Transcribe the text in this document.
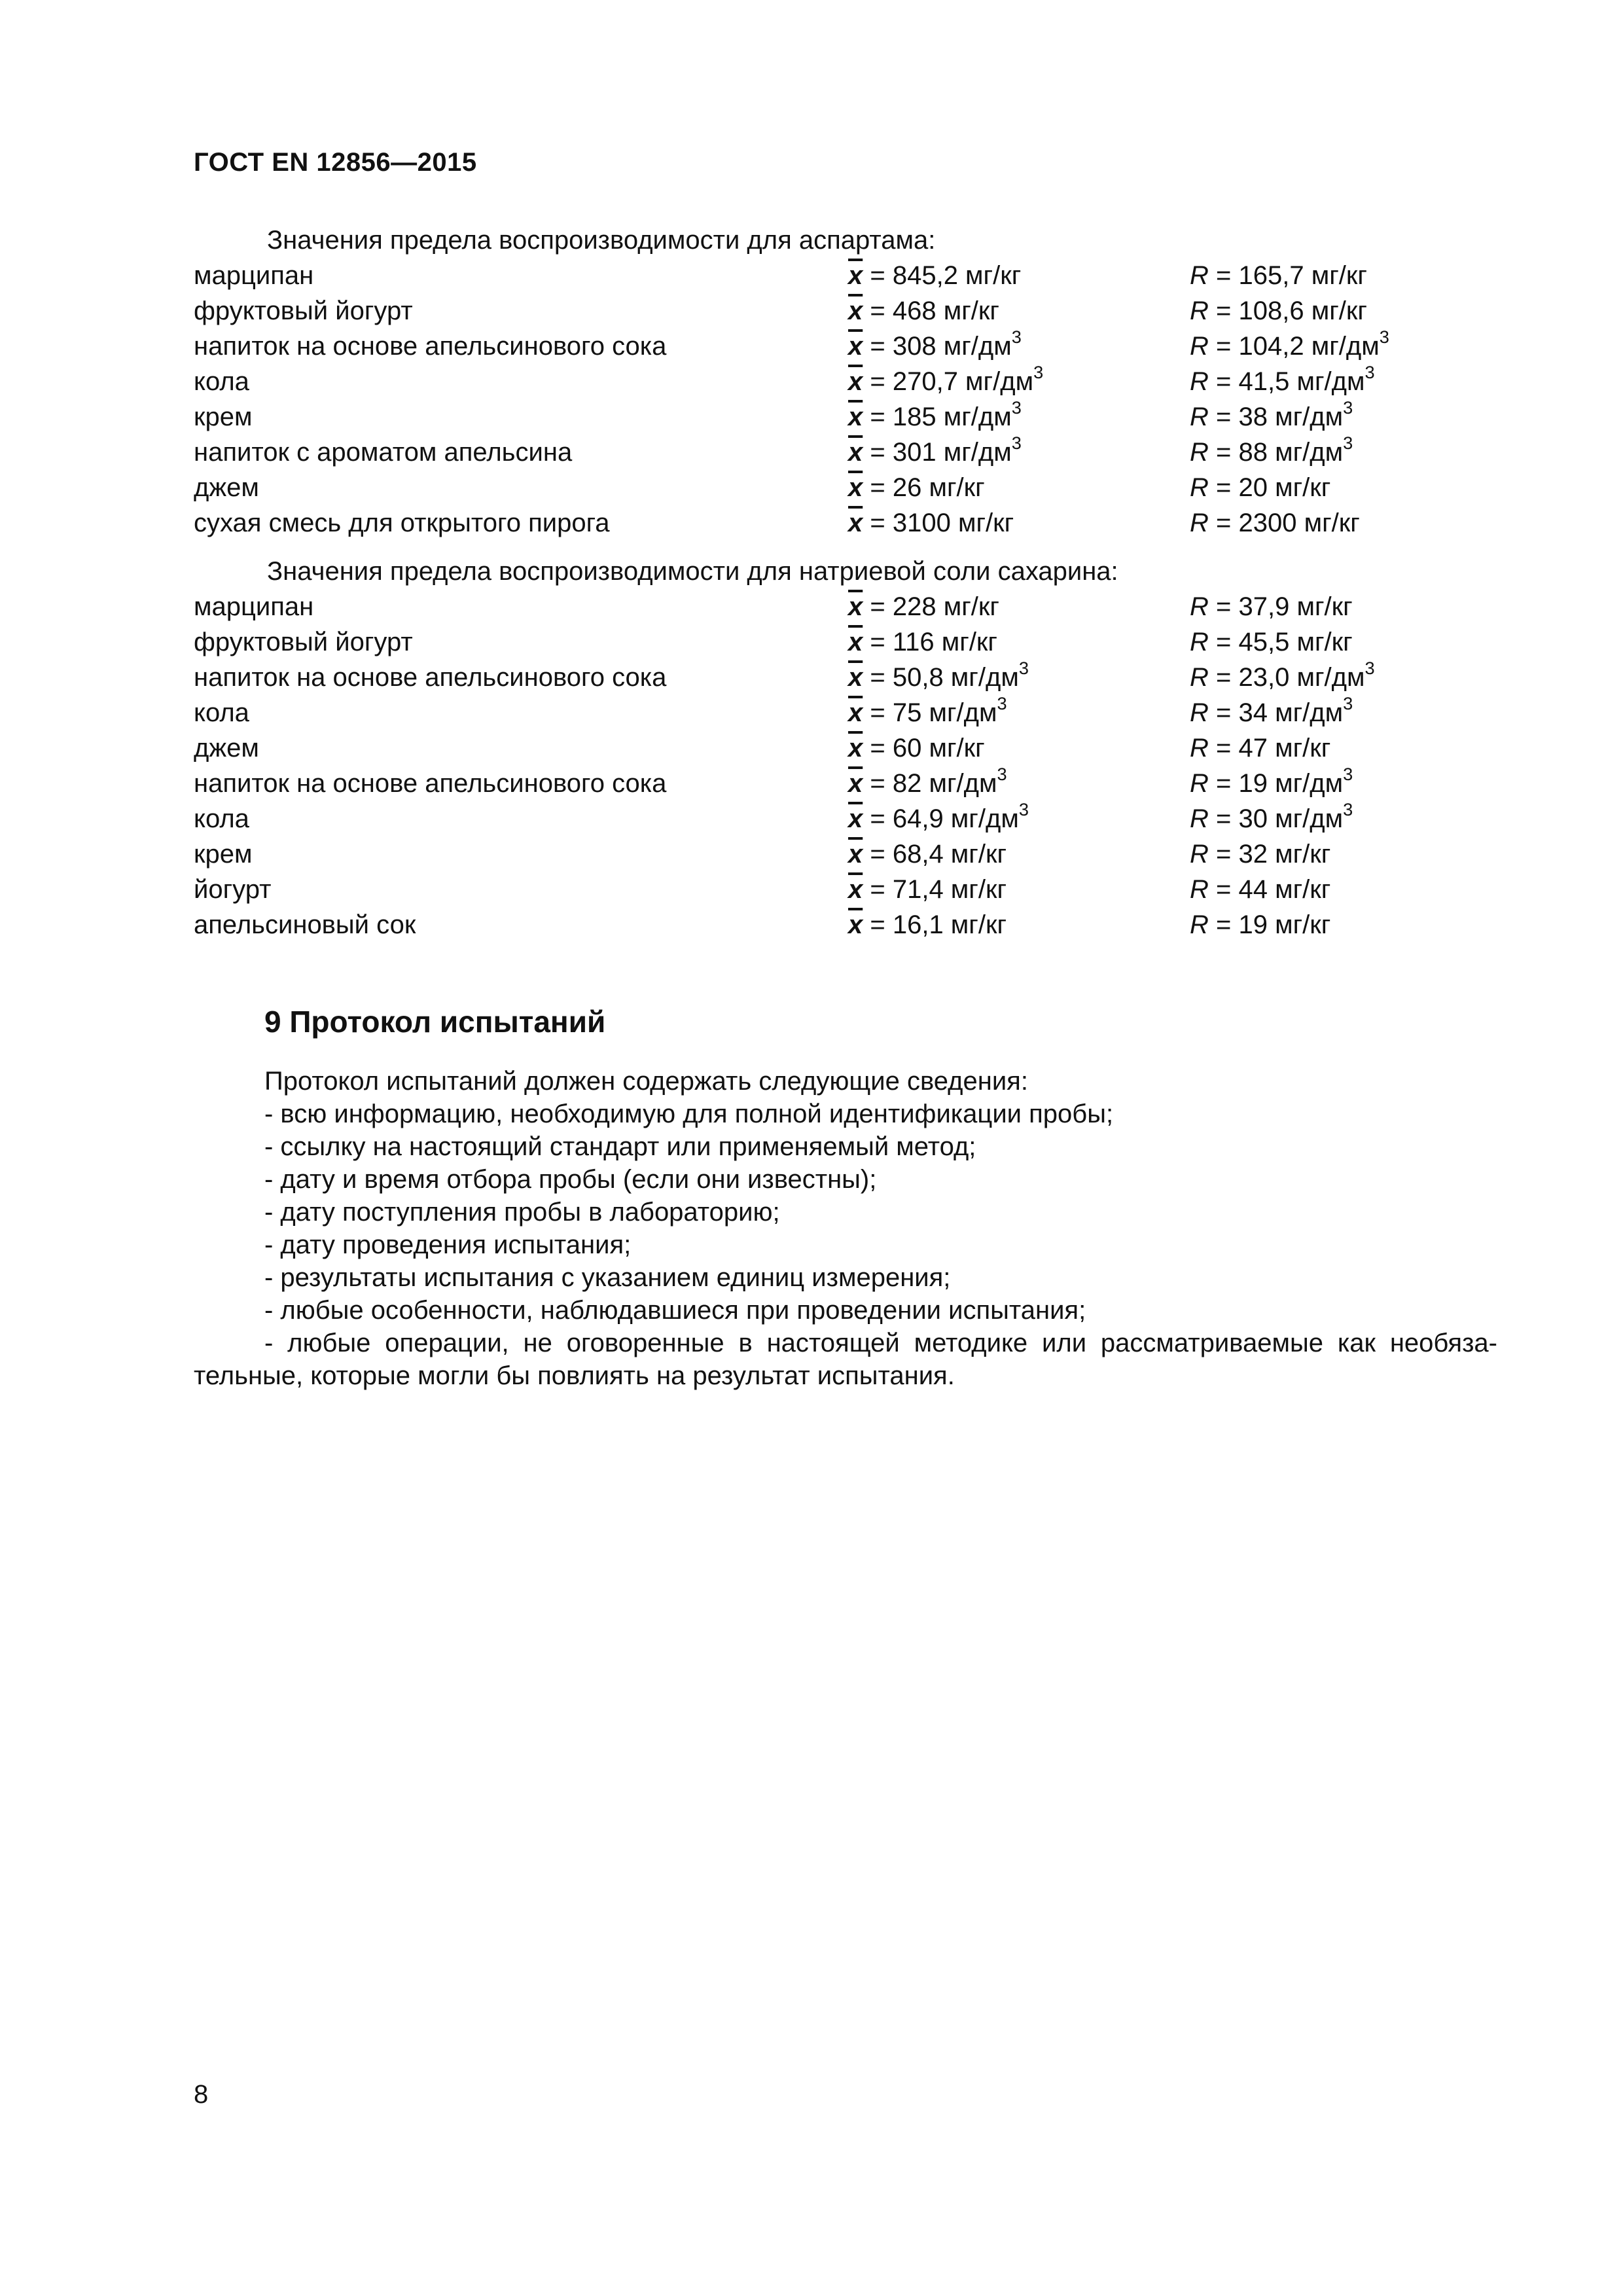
ГОСТ EN 12856—2015
Значения предела воспроизводимости для аспартама:
марципан	$\overline{x} = 845,2$ мг/кг	R = 165,7 мг/кг
фруктовый йогурт	$\overline{x} = 468$ мг/кг	R = 108,6 мг/кг
напиток на основе апельсинового сока	$\overline{x} = 308$ $мг/дм^3$	R = 104,2 $мг/дм^3$
кола	$\overline{x} = 270,7$ $мг/дм^3$	R = 41,5 $мг/дм^3$
крем	$\overline{x} = 185$ $мг/дм^3$	R = 38 $мг/дм^3$
напиток с ароматом апельсина	$\overline{x} = 301$ $мг/дм^3$	R = 88 $мг/дм^3$
джем	$\overline{x} = 26$ мг/кг	R = 20 мг/кг
сухая смесь для открытого пирога	$\overline{x} = 3100$ мг/кг	R = 2300 мг/кг
Значения предела воспроизводимости для натриевой соли сахарина:
марципан	$\overline{x} = 228$ мг/кг	R = 37,9 мг/кг
фруктовый йогурт	$\overline{x} = 116$ мг/кг	R = 45,5 мг/кг
напиток на основе апельсинового сока	$\overline{x} = 50,8$ $мг/дм^3$	R = 23,0 $мг/дм^3$
кола	$\overline{x} = 75$ $мг/дм^3$	R = 34 $мг/дм^3$
джем	$\overline{x} = 60$ мг/кг	R = 47 мг/кг
напиток на основе апельсинового сока	$\overline{x} = 82$ $мг/дм^3$	R = 19 $мг/дм^3$
кола	$\overline{x} = 64,9$ $мг/дм^3$	R = 30 $мг/дм^3$
крем	$\overline{x} = 68,4$ мг/кг	R = 32 мг/кг
йогурт	$\overline{x} = 71,4$ мг/кг	R = 44 мг/кг
апельсиновый сок	$\overline{x} = 16,1$ мг/кг	R = 19 мг/кг
9 Протокол испытаний
Протокол испытаний должен содержать следующие сведения:
- всю информацию, необходимую для полной идентификации пробы;
- ссылку на настоящий стандарт или применяемый метод;
- дату и время отбора пробы (если они известны);
- дату поступления пробы в лабораторию;
- дату проведения испытания;
- результаты испытания с указанием единиц измерения;
- любые особенности, наблюдавшиеся при проведении испытания;
- любые операции, не оговоренные в настоящей методике или рассматриваемые как необяза-
тельные, которые могли бы повлиять на результат испытания.
8
